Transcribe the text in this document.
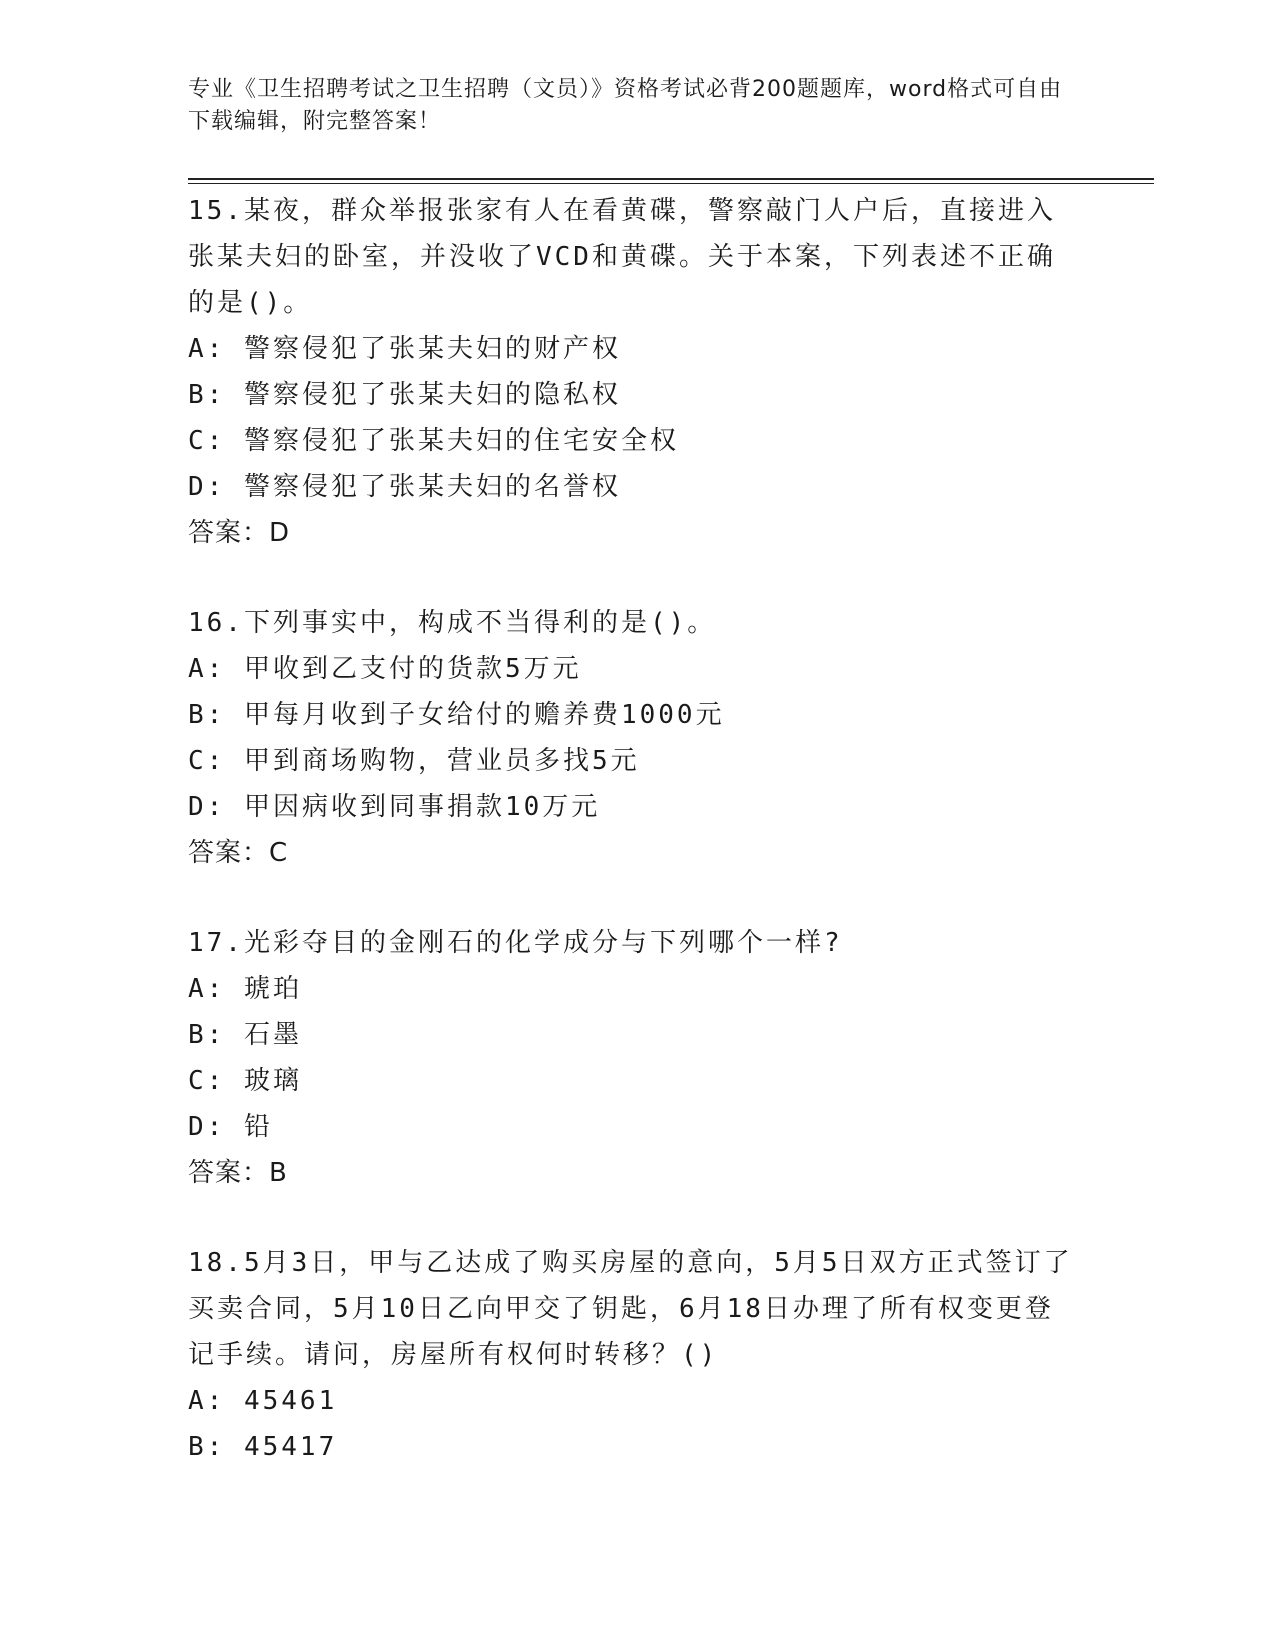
专业《卫生招聘考试之卫生招聘（文员）》资格考试必背200题题库，word格式可自由下载编辑，附完整答案！
15.某夜，群众举报张家有人在看黄碟，警察敲门人户后，直接进入张某夫妇的卧室，并没收了VCD和黄碟。关于本案，下列表述不正确的是()。
A: 警察侵犯了张某夫妇的财产权
B: 警察侵犯了张某夫妇的隐私权
C: 警察侵犯了张某夫妇的住宅安全权
D: 警察侵犯了张某夫妇的名誉权
答案：D
16.下列事实中，构成不当得利的是()。
A: 甲收到乙支付的货款5万元
B: 甲每月收到子女给付的赡养费1000元
C: 甲到商场购物，营业员多找5元
D: 甲因病收到同事捐款10万元
答案：C
17.光彩夺目的金刚石的化学成分与下列哪个一样?
A: 琥珀
B: 石墨
C: 玻璃
D: 铅
答案：B
18.5月3日，甲与乙达成了购买房屋的意向，5月5日双方正式签订了买卖合同，5月10日乙向甲交了钥匙，6月18日办理了所有权变更登记手续。请问，房屋所有权何时转移？()
A: 45461
B: 45417
